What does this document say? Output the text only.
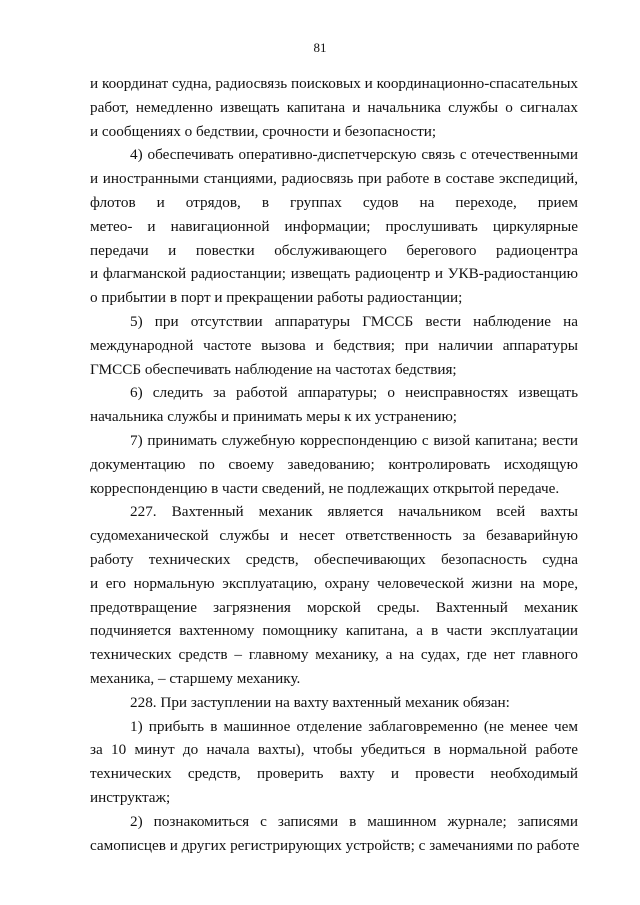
81
и координат судна, радиосвязь поисковых и координационно-спасательных
работ, немедленно извещать капитана и начальника службы о сигналах
и сообщениях о бедствии, срочности и безопасности;
4) обеспечивать оперативно-диспетчерскую связь с отечественными
и иностранными станциями, радиосвязь при работе в составе экспедиций,
флотов и отрядов, в группах судов на переходе, прием
метео- и навигационной информации; прослушивать циркулярные
передачи и повестки обслуживающего берегового радиоцентра
и флагманской радиостанции; извещать радиоцентр и УКВ-радиостанцию
о прибытии в порт и прекращении работы радиостанции;
5) при отсутствии аппаратуры ГМССБ вести наблюдение на
международной частоте вызова и бедствия; при наличии аппаратуры
ГМССБ обеспечивать наблюдение на частотах бедствия;
6) следить за работой аппаратуры; о неисправностях извещать
начальника службы и принимать меры к их устранению;
7) принимать служебную корреспонденцию с визой капитана; вести
документацию по своему заведованию; контролировать исходящую
корреспонденцию в части сведений, не подлежащих открытой передаче.
227. Вахтенный механик является начальником всей вахты
судомеханической службы и несет ответственность за безаварийную
работу технических средств, обеспечивающих безопасность судна
и его нормальную эксплуатацию, охрану человеческой жизни на море,
предотвращение загрязнения морской среды. Вахтенный механик
подчиняется вахтенному помощнику капитана, а в части эксплуатации
технических средств – главному механику, а на судах, где нет главного
механика, – старшему механику.
228. При заступлении на вахту вахтенный механик обязан:
1) прибыть в машинное отделение заблаговременно (не менее чем
за 10 минут до начала вахты), чтобы убедиться в нормальной работе
технических средств, проверить вахту и провести необходимый
инструктаж;
2) познакомиться с записями в машинном журнале; записями
самописцев и других регистрирующих устройств; с замечаниями по работе
